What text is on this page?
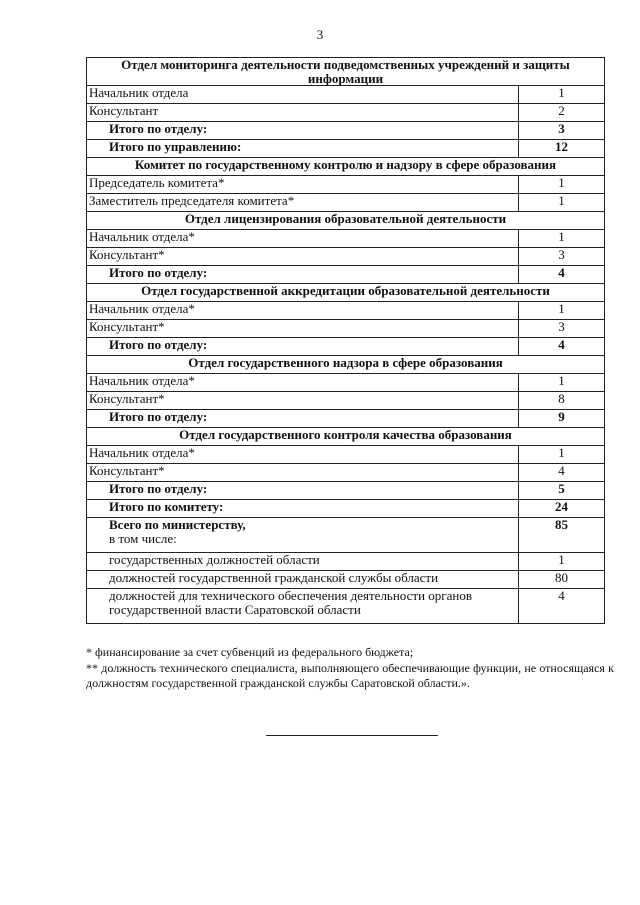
3
Отдел мониторинга деятельности подведомственных учреждений и защиты информации	
Начальник отдела	1
Консультант	2
Итого по отделу:	3
Итого по управлению:	12
Комитет по государственному контролю и надзору в сфере образования	
Председатель комитета*	1
Заместитель председателя комитета*	1
Отдел лицензирования образовательной деятельности	
Начальник отдела*	1
Консультант*	3
Итого по отделу:	4
Отдел государственной аккредитации образовательной деятельности	
Начальник отдела*	1
Консультант*	3
Итого по отделу:	4
Отдел государственного надзора в сфере образования	
Начальник отдела*	1
Консультант*	8
Итого по отделу:	9
Отдел государственного контроля качества образования	
Начальник отдела*	1
Консультант*	4
Итого по отделу:	5
Итого по комитету:	24
Всего по министерству,
в том числе:	85
государственных должностей области	1
должностей государственной гражданской службы области	80
должностей для технического обеспечения деятельности органов государственной власти Саратовской области	4

* финансирование за счет субвенций из федерального бюджета;

** должность технического специалиста, выполняющего обеспечивающие функции, не относящаяся к должностям государственной гражданской службы Саратовской области.».
